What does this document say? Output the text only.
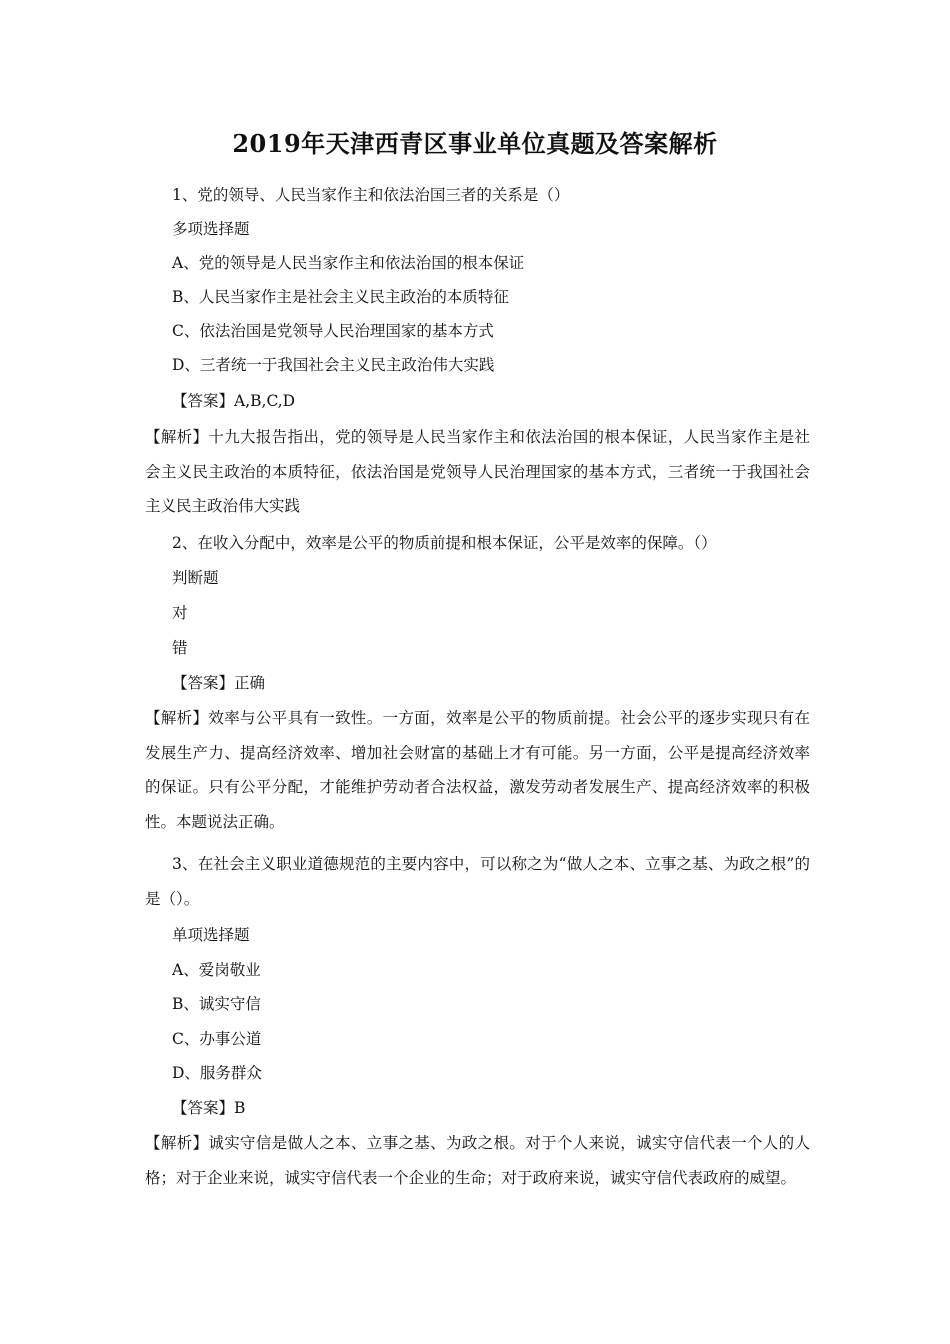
2019年天津西青区事业单位真题及答案解析
1、党的领导、人民当家作主和依法治国三者的关系是（）
多项选择题
A、党的领导是人民当家作主和依法治国的根本保证
B、人民当家作主是社会主义民主政治的本质特征
C、依法治国是党领导人民治理国家的基本方式
D、三者统一于我国社会主义民主政治伟大实践
【答案】A,B,C,D
【解析】十九大报告指出，党的领导是人民当家作主和依法治国的根本保证，人民当家作主是社会主义民主政治的本质特征，依法治国是党领导人民治理国家的基本方式，三者统一于我国社会主义民主政治伟大实践
2、在收入分配中，效率是公平的物质前提和根本保证，公平是效率的保障。（）
判断题
对
错
【答案】正确
【解析】效率与公平具有一致性。一方面，效率是公平的物质前提。社会公平的逐步实现只有在发展生产力、提高经济效率、增加社会财富的基础上才有可能。另一方面，公平是提高经济效率的保证。只有公平分配，才能维护劳动者合法权益，激发劳动者发展生产、提高经济效率的积极性。本题说法正确。
3、在社会主义职业道德规范的主要内容中，可以称之为“做人之本、立事之基、为政之根”的是（）。
单项选择题
A、爱岗敬业
B、诚实守信
C、办事公道
D、服务群众
【答案】B
【解析】诚实守信是做人之本、立事之基、为政之根。对于个人来说，诚实守信代表一个人的人格；对于企业来说，诚实守信代表一个企业的生命；对于政府来说，诚实守信代表政府的威望。
